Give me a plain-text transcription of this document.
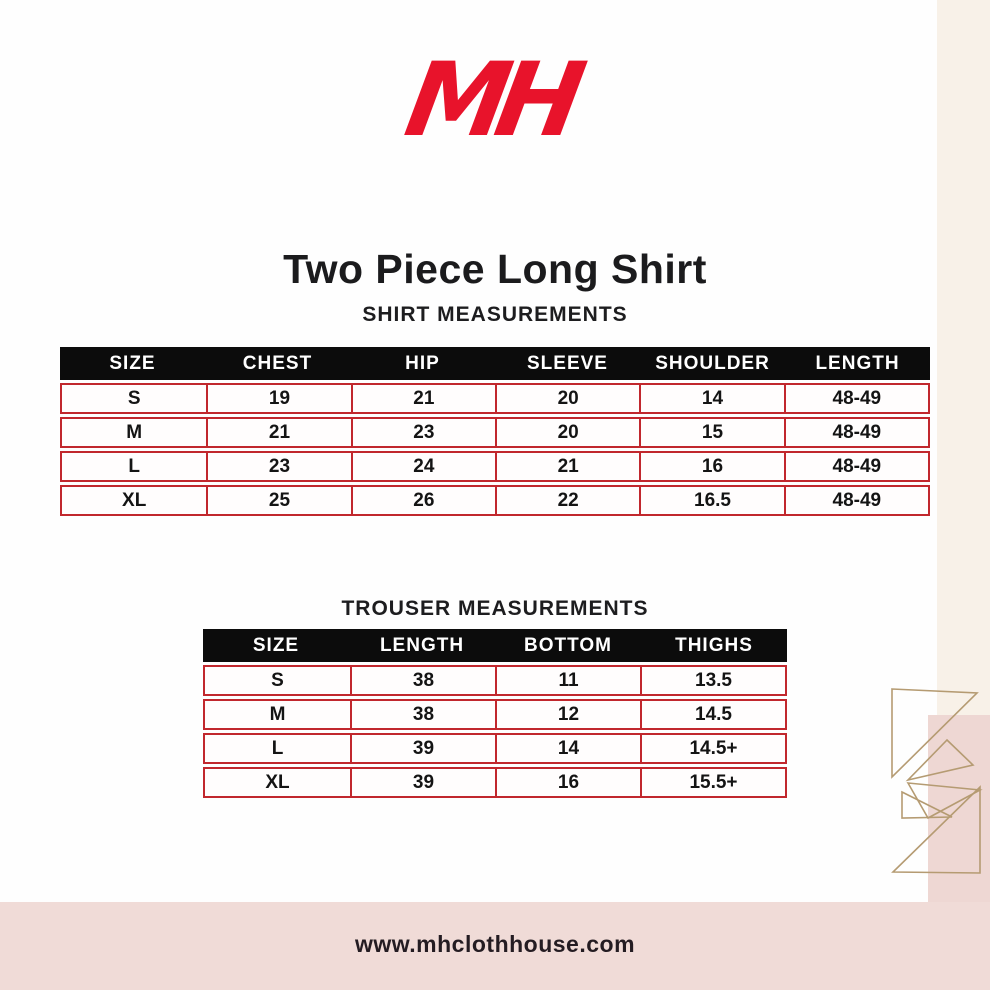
MH
Two Piece Long Shirt
SHIRT MEASUREMENTS
SIZE	CHEST	HIP	SLEEVE	SHOULDER	LENGTH
S	19	21	20	14	48-49
M	21	23	20	15	48-49
L	23	24	21	16	48-49
XL	25	26	22	16.5	48-49
TROUSER MEASUREMENTS
SIZE	LENGTH	BOTTOM	THIGHS
S	38	11	13.5
M	38	12	14.5
L	39	14	14.5+
XL	39	16	15.5+
www.mhclothhouse.com
